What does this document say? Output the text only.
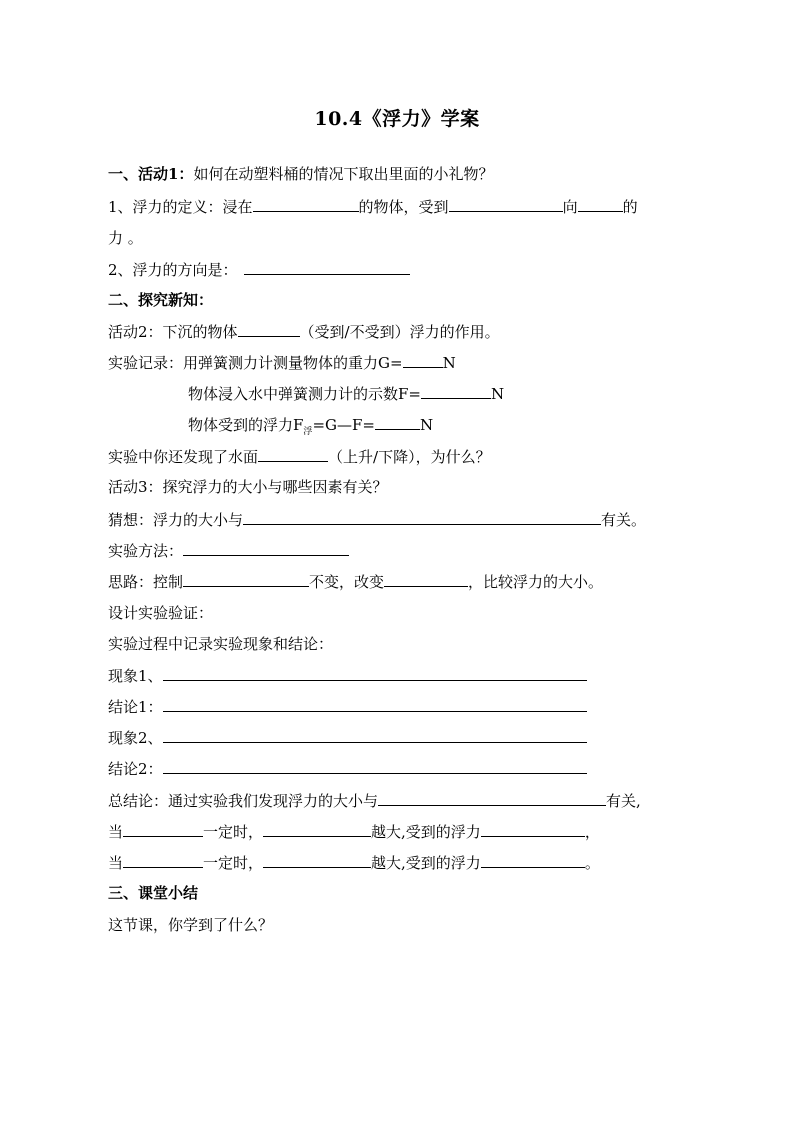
10.4《浮力》学案
一、活动1：如何在动塑料桶的情况下取出里面的小礼物？
1、浮力的定义：浸在	的物体，受到	向	的
力 。
2、浮力的方向是：
二、探究新知：
活动2：下沉的物体	（受到/不受到）浮力的作用。
实验记录：用弹簧测力计测量物体的重力G=	N
物体浸入水中弹簧测力计的示数F=	N
物体受到的浮力$F_浮=G—F=$	N
实验中你还发现了水面	（上升/下降），为什么？
活动3：探究浮力的大小与哪些因素有关？
猜想：浮力的大小与	有关。
实验方法：
思路：控制	不变，改变	，比较浮力的大小。
设计实验验证：
实验过程中记录实验现象和结论：
现象1、
结论1：
现象2、
结论2：
总结论：通过实验我们发现浮力的大小与	有关,
当	一定时，	越大,受到的浮力	，
当	一定时，	越大,受到的浮力	。
三、课堂小结
这节课，你学到了什么？
